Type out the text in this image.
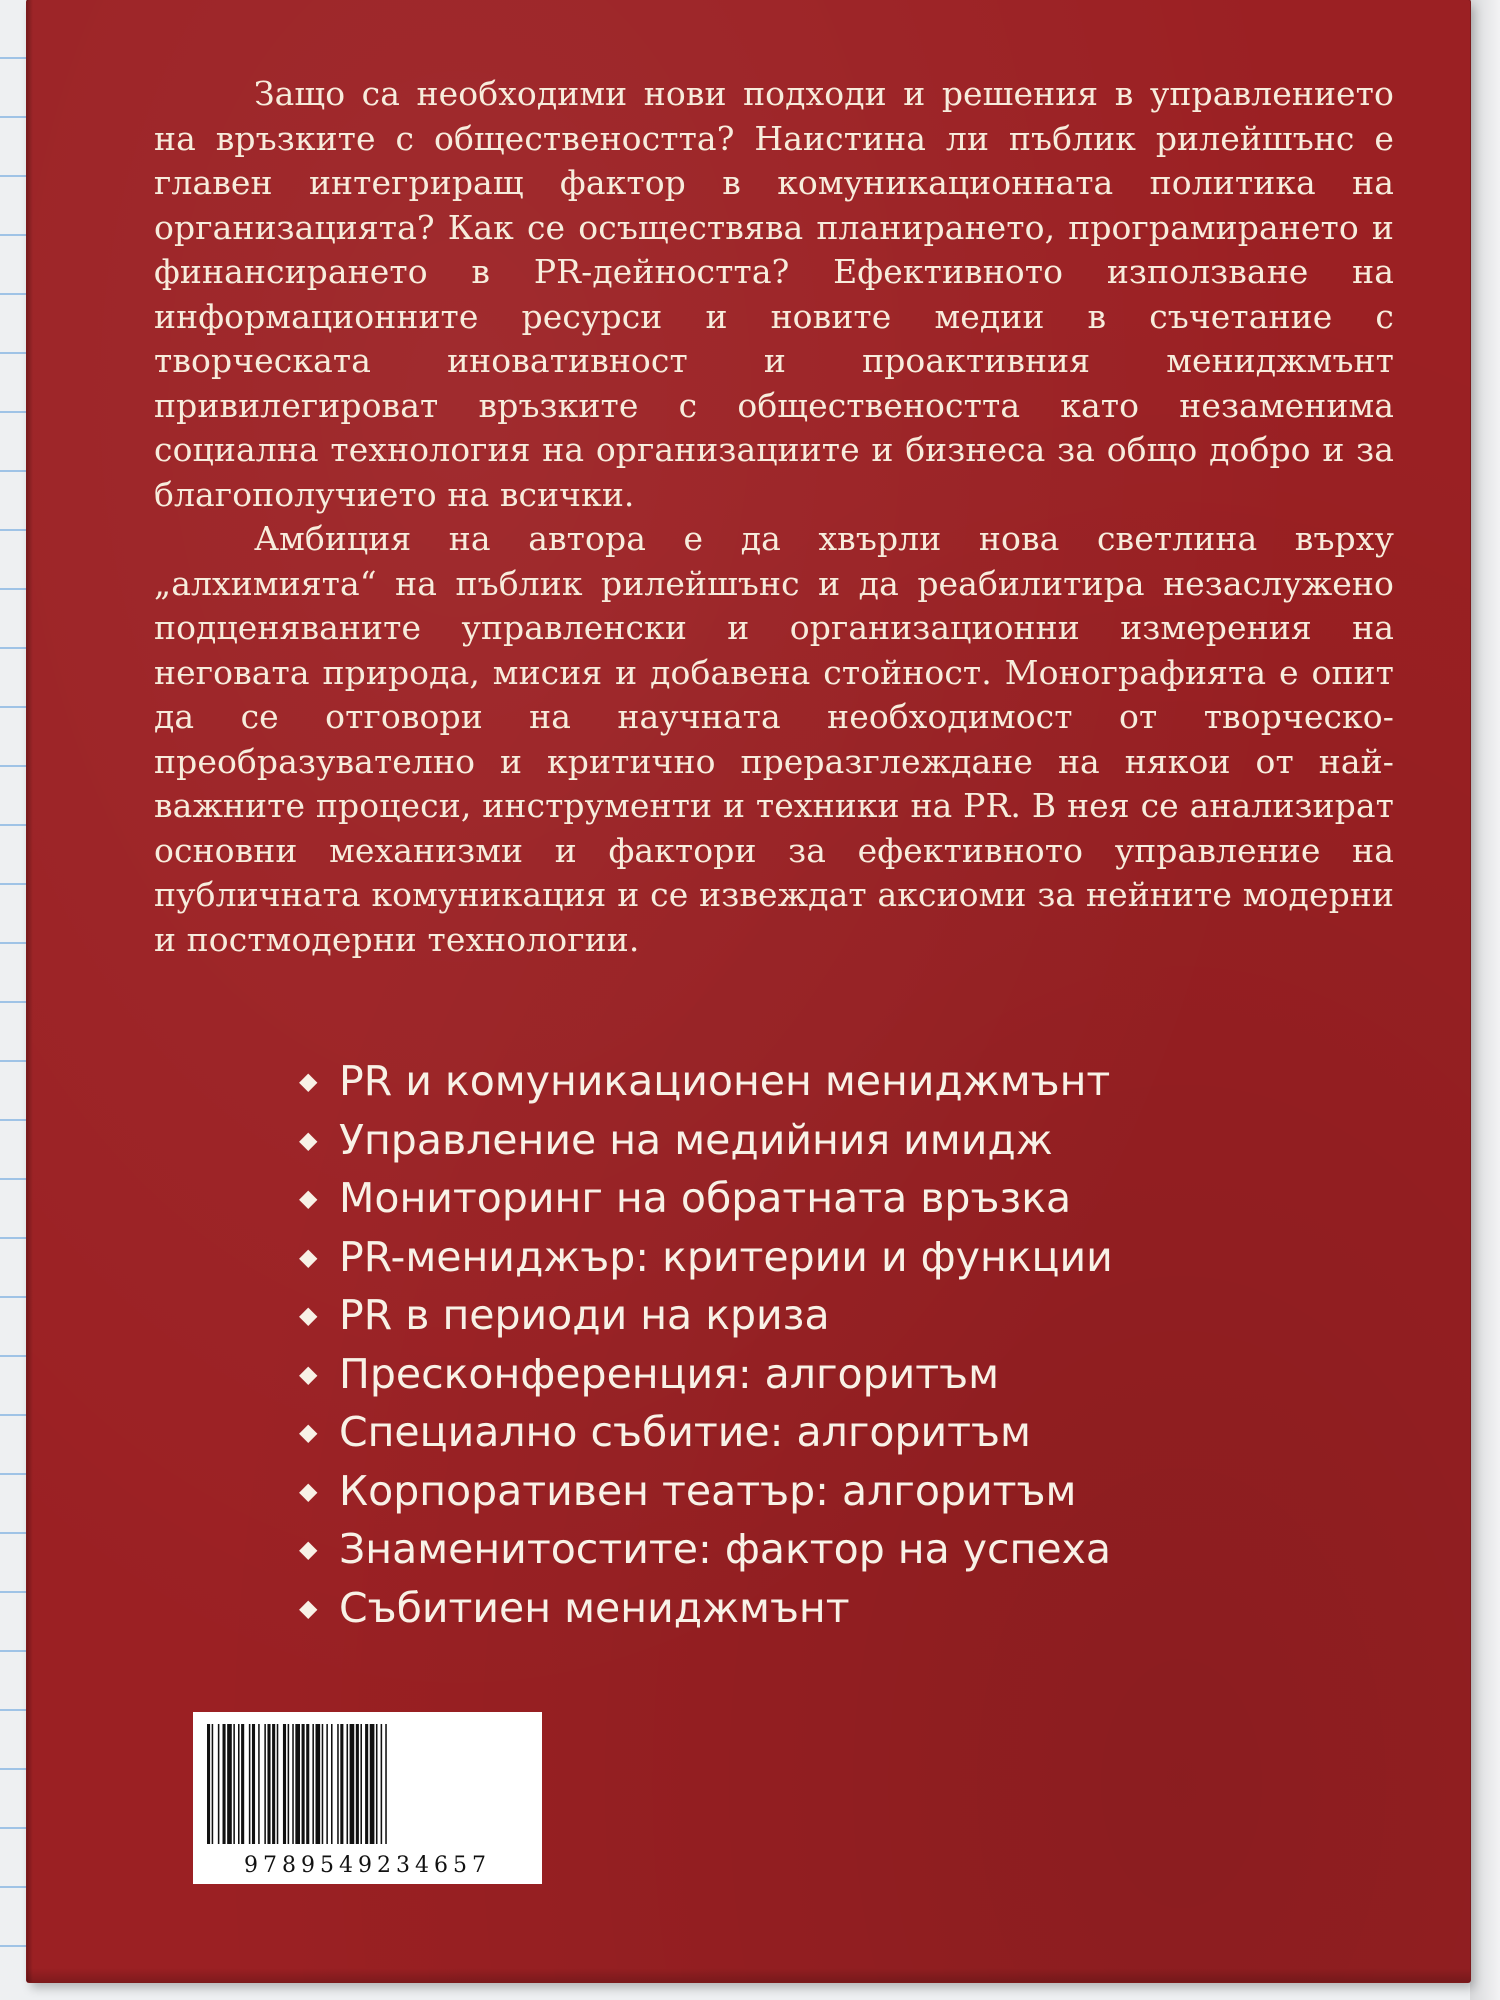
Защо са необходими нови подходи и решения в управлението на връзките с обществеността? Наистина ли пъблик рилейшънс е главен интегриращ фактор в комуникационната политика на организацията? Как се осъществява планирането, програмирането и финансирането в PR-дейността? Ефективното използване на информационните ресурси и новите медии в съчетание с творческата иновативност и проактивния мениджмънт привилегироват връзките с обществеността като незаменима социална технология на организациите и бизнеса за общо добро и за благополучието на всички.

Амбиция на автора е да хвърли нова светлина върху „алхимията“ на пъблик рилейшънс и да реабилитира незаслужено подценяваните управленски и организационни измерения на неговата природа, мисия и добавена стойност. Монографията е опит да се отговори на научната необходимост от творческо-преобразувателно и критично преразглеждане на някои от най-важните процеси, инструменти и техники на PR. В нея се анализират основни механизми и фактори за ефективното управление на публичната комуникация и се извеждат аксиоми за нейните модерни и постмодерни технологии.

◆ PR и комуникационен мениджмънт
◆ Управление на медийния имидж
◆ Мониторинг на обратната връзка
◆ PR-мениджър: критерии и функции
◆ PR в периоди на криза
◆ Пресконференция: алгоритъм
◆ Специално събитие: алгоритъм
◆ Корпоративен театър: алгоритъм
◆ Знаменитостите: фактор на успеха
◆ Събитиен мениджмънт
9789549234657
